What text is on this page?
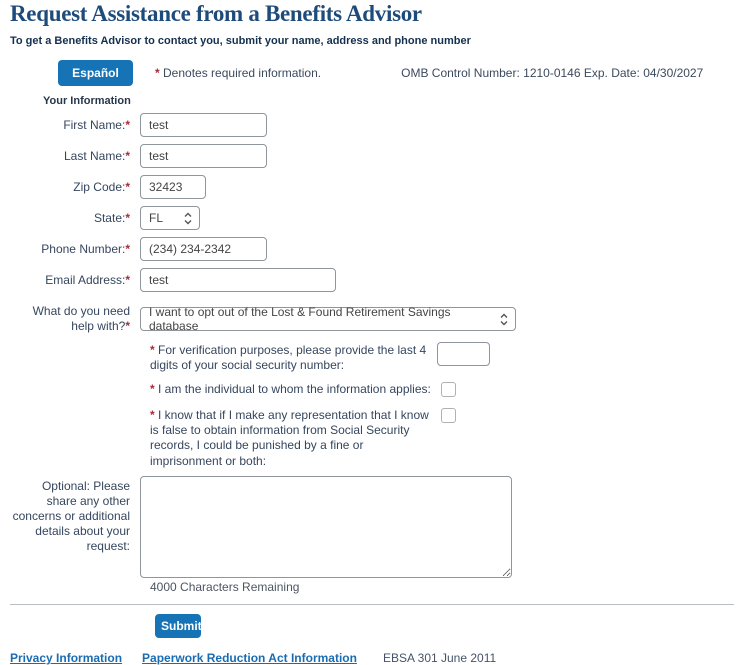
Request Assistance from a Benefits Advisor
To get a Benefits Advisor to contact you, submit your name, address and phone number
Español	* Denotes required information.	OMB Control Number: 1210-0146 Exp. Date: 04/30/2027
Your Information
First Name:*
test
Last Name:*
test
Zip Code:*
32423
State:*	FL
Phone Number:*
(234) 234-2342
Email Address:*
test
What do you need help with?*
I want to opt out of the Lost & Found Retirement Savings database
* For verification purposes, please provide the last 4 digits of your social security number:
* I am the individual to whom the information applies:
* I know that if I make any representation that I know is false to obtain information from Social Security records, I could be punished by a fine or imprisonment or both:
Optional: Please share any other concerns or additional details about your request:
4000 Characters Remaining
Submit
Privacy Information Paperwork Reduction Act Information EBSA 301 June 2011
